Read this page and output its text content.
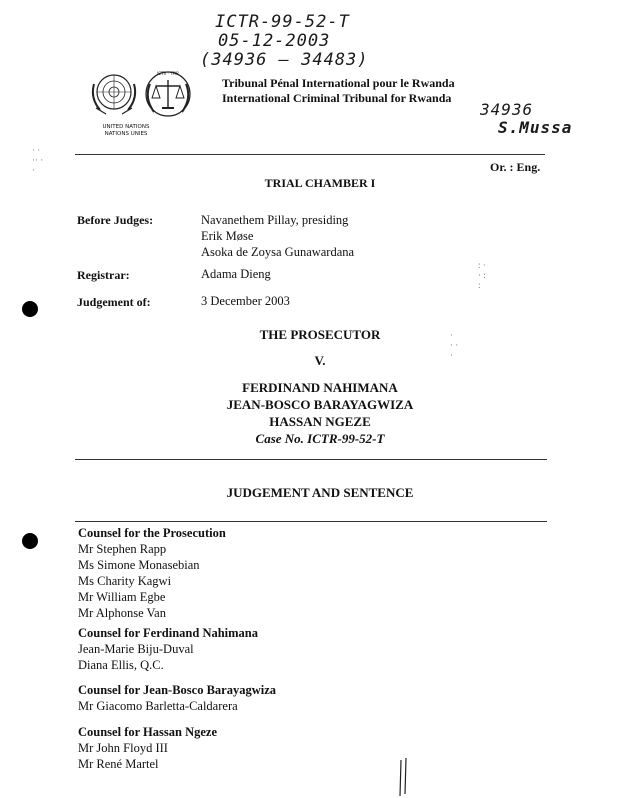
ICTR-99-52-T
05-12-2003
(34936 — 34483)
34936
S.Mussa
ICTR · TPIR
UNITED NATIONS
NATIONS UNIES
Tribunal Pénal International pour le Rwanda
International Criminal Tribunal for Rwanda
· ·
·· ·
·
: ·
· :
:
·
· ·
·
Or. : Eng.
TRIAL CHAMBER I
Before Judges:	Navanethem Pillay, presiding
Erik Møse
Asoka de Zoysa Gunawardana
Registrar:	Adama Dieng
Judgement of:	3 December 2003
THE PROSECUTOR
V.
FERDINAND NAHIMANA
JEAN-BOSCO BARAYAGWIZA
HASSAN NGEZE
Case No. ICTR-99-52-T
JUDGEMENT AND SENTENCE
Counsel for the Prosecution
Mr Stephen Rapp
Ms Simone Monasebian
Ms Charity Kagwi
Mr William Egbe
Mr Alphonse Van
Counsel for Ferdinand Nahimana
Jean-Marie Biju-Duval
Diana Ellis, Q.C.
Counsel for Jean-Bosco Barayagwiza
Mr Giacomo Barletta-Caldarera
Counsel for Hassan Ngeze
Mr John Floyd III
Mr René Martel
